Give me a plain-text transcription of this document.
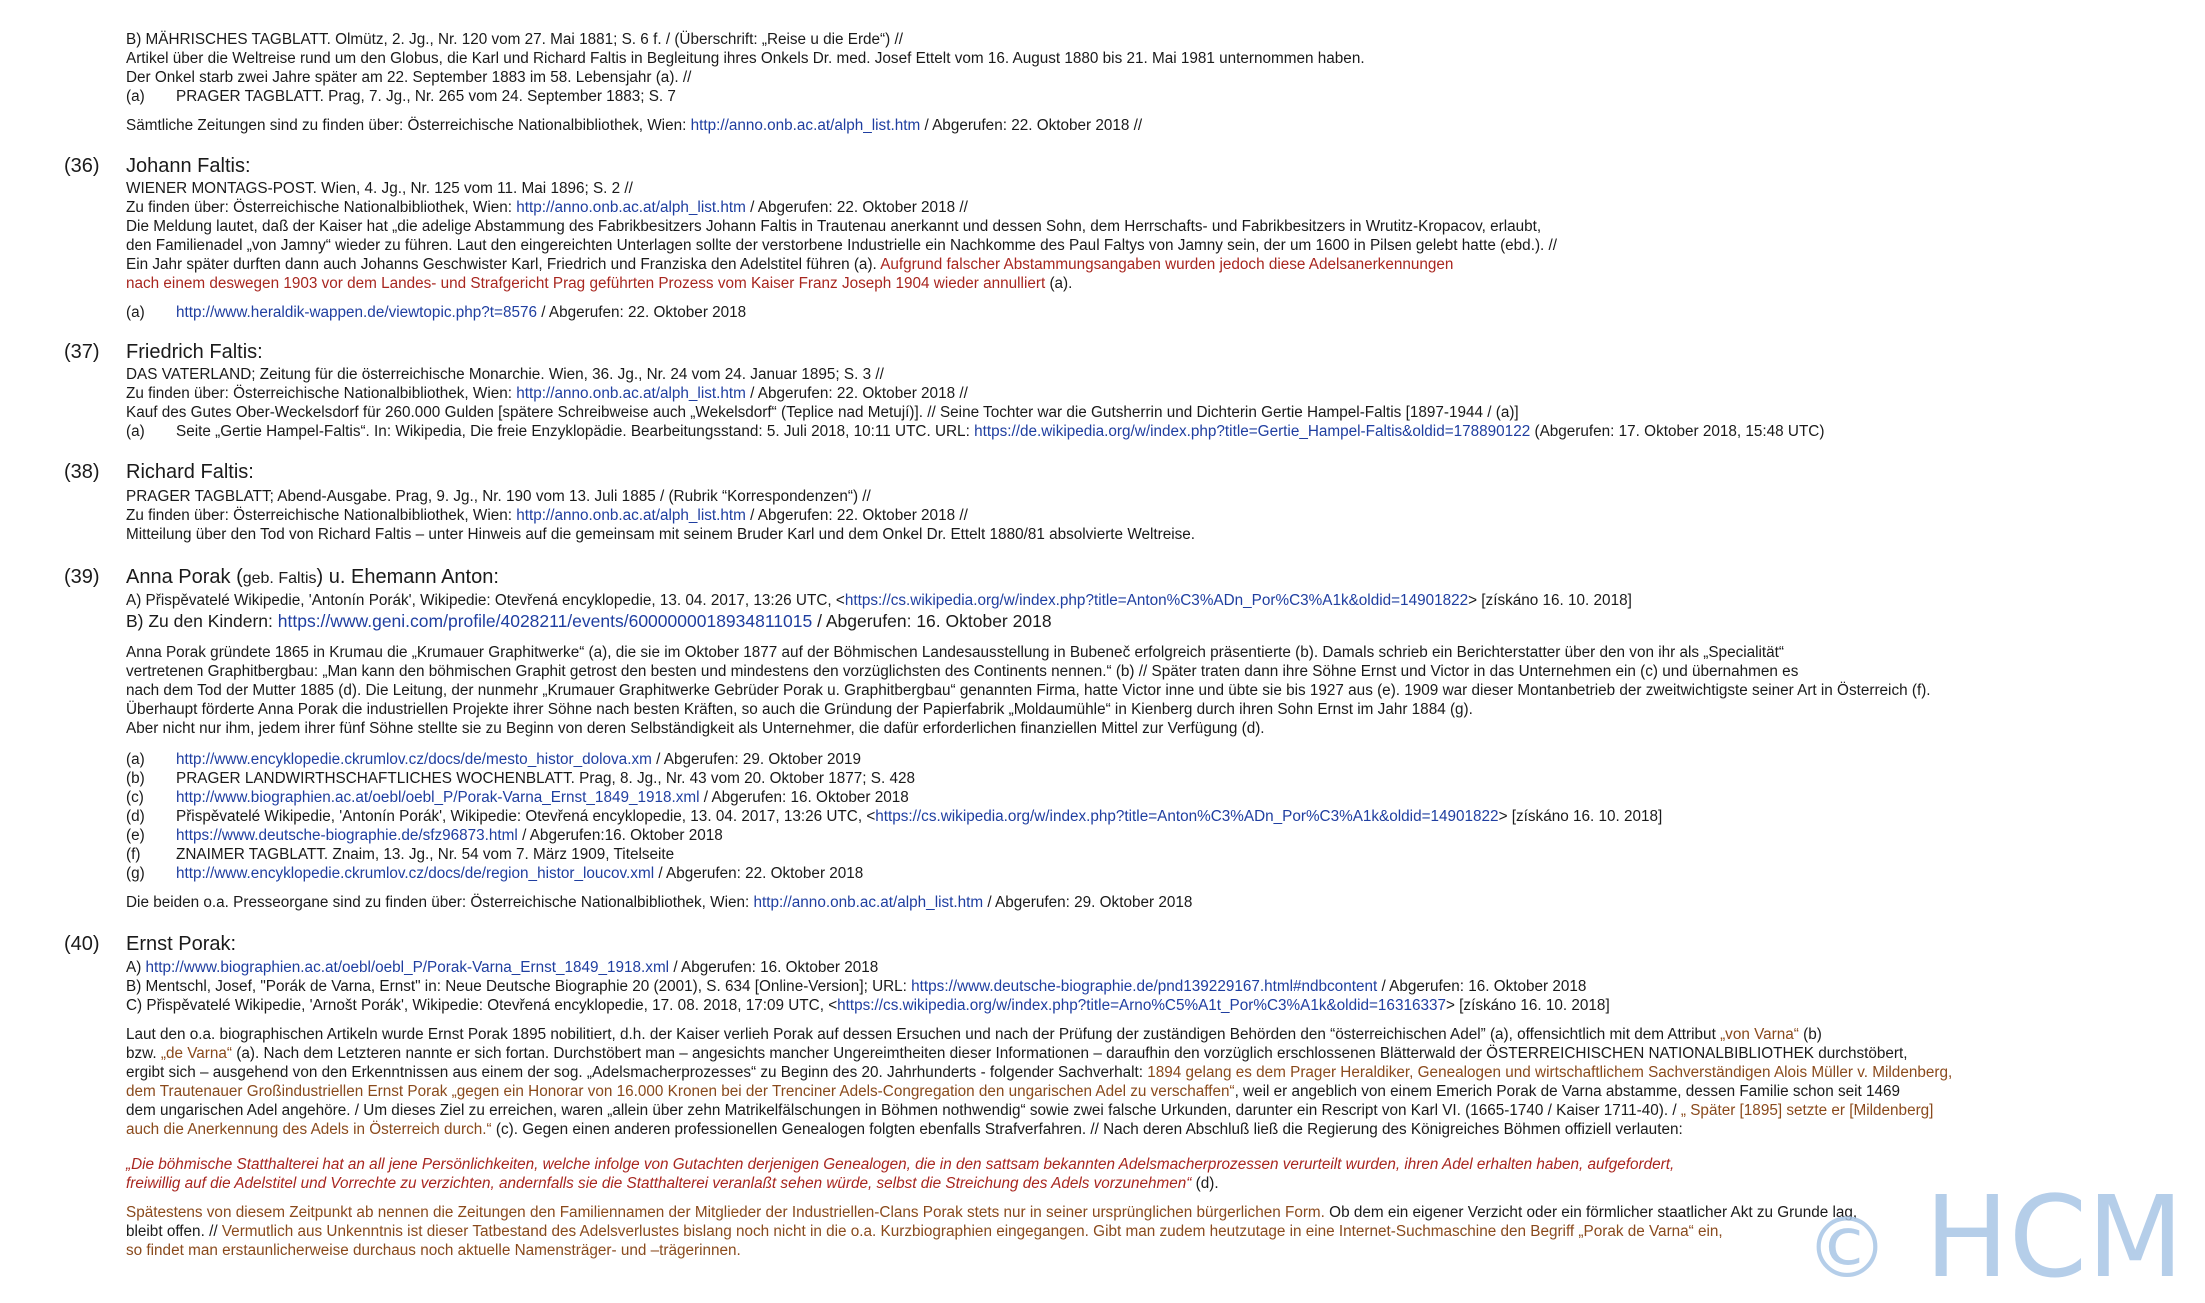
B) MÄHRISCHES TAGBLATT. Olmütz, 2. Jg., Nr. 120 vom 27. Mai 1881; S. 6 f. / (Überschrift: „Reise u die Erde“) //
Artikel über die Weltreise rund um den Globus, die Karl und Richard Faltis in Begleitung ihres Onkels Dr. med. Josef Ettelt vom 16. August 1880 bis 21. Mai 1981 unternommen haben.
Der Onkel starb zwei Jahre später am 22. September 1883 im 58. Lebensjahr (a). //
(a) PRAGER TAGBLATT. Prag, 7. Jg., Nr. 265 vom 24. September 1883; S. 7
Sämtliche Zeitungen sind zu finden über: Österreichische Nationalbibliothek, Wien: http://anno.onb.ac.at/alph_list.htm / Abgerufen: 22. Oktober 2018 //
(36) Johann Faltis:
WIENER MONTAGS-POST. Wien, 4. Jg., Nr. 125 vom 11. Mai 1896; S. 2 //
Zu finden über: Österreichische Nationalbibliothek, Wien: http://anno.onb.ac.at/alph_list.htm / Abgerufen: 22. Oktober 2018 //
Die Meldung lautet, daß der Kaiser hat „die adelige Abstammung des Fabrikbesitzers Johann Faltis in Trautenau anerkannt und dessen Sohn, dem Herrschafts- und Fabrikbesitzers in Wrutitz-Kropacov, erlaubt,
den Familienadel „von Jamny“ wieder zu führen. Laut den eingereichten Unterlagen sollte der verstorbene Industrielle ein Nachkomme des Paul Faltys von Jamny sein, der um 1600 in Pilsen gelebt hatte (ebd.). //
Ein Jahr später durften dann auch Johanns Geschwister Karl, Friedrich und Franziska den Adelstitel führen (a). Aufgrund falscher Abstammungsangaben wurden jedoch diese Adelsanerkennungen
nach einem deswegen 1903 vor dem Landes- und Strafgericht Prag geführten Prozess vom Kaiser Franz Joseph 1904 wieder annulliert (a).
(a) http://www.heraldik-wappen.de/viewtopic.php?t=8576 / Abgerufen: 22. Oktober 2018
(37) Friedrich Faltis:
DAS VATERLAND; Zeitung für die österreichische Monarchie. Wien, 36. Jg., Nr. 24 vom 24. Januar 1895; S. 3 //
Zu finden über: Österreichische Nationalbibliothek, Wien: http://anno.onb.ac.at/alph_list.htm / Abgerufen: 22. Oktober 2018 //
Kauf des Gutes Ober-Weckelsdorf für 260.000 Gulden [spätere Schreibweise auch „Wekelsdorf“ (Teplice nad Metují)]. // Seine Tochter war die Gutsherrin und Dichterin Gertie Hampel-Faltis [1897-1944 / (a)]
(a) Seite „Gertie Hampel-Faltis“. In: Wikipedia, Die freie Enzyklopädie. Bearbeitungsstand: 5. Juli 2018, 10:11 UTC. URL: https://de.wikipedia.org/w/index.php?title=Gertie_Hampel-Faltis&oldid=178890122 (Abgerufen: 17. Oktober 2018, 15:48 UTC)
(38) Richard Faltis:
PRAGER TAGBLATT; Abend-Ausgabe. Prag, 9. Jg., Nr. 190 vom 13. Juli 1885 / (Rubrik “Korrespondenzen“) //
Zu finden über: Österreichische Nationalbibliothek, Wien: http://anno.onb.ac.at/alph_list.htm / Abgerufen: 22. Oktober 2018 //
Mitteilung über den Tod von Richard Faltis – unter Hinweis auf die gemeinsam mit seinem Bruder Karl und dem Onkel Dr. Ettelt 1880/81 absolvierte Weltreise.
(39) Anna Porak (geb. Faltis) u. Ehemann Anton:
A) Přispěvatelé Wikipedie, 'Antonín Porák', Wikipedie: Otevřená encyklopedie, 13. 04. 2017, 13:26 UTC, <https://cs.wikipedia.org/w/index.php?title=Anton%C3%ADn_Por%C3%A1k&oldid=14901822> [získáno 16. 10. 2018]
B) Zu den Kindern: https://www.geni.com/profile/4028211/events/6000000018934811015 / Abgerufen: 16. Oktober 2018
Anna Porak gründete 1865 in Krumau die „Krumauer Graphitwerke“ (a), die sie im Oktober 1877 auf der Böhmischen Landesausstellung in Bubeneč erfolgreich präsentierte (b). Damals schrieb ein Berichterstatter über den von ihr als „Specialität“
vertretenen Graphitbergbau: „Man kann den böhmischen Graphit getrost den besten und mindestens den vorzüglichsten des Continents nennen.“ (b) // Später traten dann ihre Söhne Ernst und Victor in das Unternehmen ein (c) und übernahmen es
nach dem Tod der Mutter 1885 (d). Die Leitung, der nunmehr „Krumauer Graphitwerke Gebrüder Porak u. Graphitbergbau“ genannten Firma, hatte Victor inne und übte sie bis 1927 aus (e). 1909 war dieser Montanbetrieb der zweitwichtigste seiner Art in Österreich (f).
Überhaupt förderte Anna Porak die industriellen Projekte ihrer Söhne nach besten Kräften, so auch die Gründung der Papierfabrik „Moldaumühle“ in Kienberg durch ihren Sohn Ernst im Jahr 1884 (g).
Aber nicht nur ihm, jedem ihrer fünf Söhne stellte sie zu Beginn von deren Selbständigkeit als Unternehmer, die dafür erforderlichen finanziellen Mittel zur Verfügung (d).
(a) http://www.encyklopedie.ckrumlov.cz/docs/de/mesto_histor_dolova.xm / Abgerufen: 29. Oktober 2019
(b) PRAGER LANDWIRTHSCHAFTLICHES WOCHENBLATT. Prag, 8. Jg., Nr. 43 vom 20. Oktober 1877; S. 428
(c) http://www.biographien.ac.at/oebl/oebl_P/Porak-Varna_Ernst_1849_1918.xml / Abgerufen: 16. Oktober 2018
(d) Přispěvatelé Wikipedie, 'Antonín Porák', Wikipedie: Otevřená encyklopedie, 13. 04. 2017, 13:26 UTC, <https://cs.wikipedia.org/w/index.php?title=Anton%C3%ADn_Por%C3%A1k&oldid=14901822> [získáno 16. 10. 2018]
(e) https://www.deutsche-biographie.de/sfz96873.html / Abgerufen:16. Oktober 2018
(f) ZNAIMER TAGBLATT. Znaim, 13. Jg., Nr. 54 vom 7. März 1909, Titelseite
(g) http://www.encyklopedie.ckrumlov.cz/docs/de/region_histor_loucov.xml / Abgerufen: 22. Oktober 2018
Die beiden o.a. Presseorgane sind zu finden über: Österreichische Nationalbibliothek, Wien: http://anno.onb.ac.at/alph_list.htm / Abgerufen: 29. Oktober 2018
(40) Ernst Porak:
A) http://www.biographien.ac.at/oebl/oebl_P/Porak-Varna_Ernst_1849_1918.xml / Abgerufen: 16. Oktober 2018
B) Mentschl, Josef, "Porák de Varna, Ernst" in: Neue Deutsche Biographie 20 (2001), S. 634 [Online-Version]; URL: https://www.deutsche-biographie.de/pnd139229167.html#ndbcontent / Abgerufen: 16. Oktober 2018
C) Přispěvatelé Wikipedie, 'Arnošt Porák', Wikipedie: Otevřená encyklopedie, 17. 08. 2018, 17:09 UTC, <https://cs.wikipedia.org/w/index.php?title=Arno%C5%A1t_Por%C3%A1k&oldid=16316337> [získáno 16. 10. 2018]
Laut den o.a. biographischen Artikeln wurde Ernst Porak 1895 nobilitiert, d.h. der Kaiser verlieh Porak auf dessen Ersuchen und nach der Prüfung der zuständigen Behörden den “österreichischen Adel” (a), offensichtlich mit dem Attribut „von Varna“ (b)
bzw. „de Varna“ (a). Nach dem Letzteren nannte er sich fortan. Durchstöbert man – angesichts mancher Ungereimtheiten dieser Informationen – daraufhin den vorzüglich erschlossenen Blätterwald der ÖSTERREICHISCHEN NATIONALBIBLIOTHEK durchstöbert,
ergibt sich – ausgehend von den Erkenntnissen aus einem der sog. „Adelsmacherprozesses“ zu Beginn des 20. Jahrhunderts - folgender Sachverhalt: 1894 gelang es dem Prager Heraldiker, Genealogen und wirtschaftlichem Sachverständigen Alois Müller v. Mildenberg,
dem Trautenauer Großindustriellen Ernst Porak „gegen ein Honorar von 16.000 Kronen bei der Trenciner Adels-Congregation den ungarischen Adel zu verschaffen“, weil er angeblich von einem Emerich Porak de Varna abstamme, dessen Familie schon seit 1469
dem ungarischen Adel angehöre. / Um dieses Ziel zu erreichen, waren „allein über zehn Matrikelfälschungen in Böhmen nothwendig“ sowie zwei falsche Urkunden, darunter ein Rescript von Karl VI. (1665-1740 / Kaiser 1711-40). / „ Später [1895] setzte er [Mildenberg]
auch die Anerkennung des Adels in Österreich durch.“ (c). Gegen einen anderen professionellen Genealogen folgten ebenfalls Strafverfahren. // Nach deren Abschluß ließ die Regierung des Königreiches Böhmen offiziell verlauten:
„Die böhmische Statthalterei hat an all jene Persönlichkeiten, welche infolge von Gutachten derjenigen Genealogen, die in den sattsam bekannten Adelsmacherprozessen verurteilt wurden, ihren Adel erhalten haben, aufgefordert,
freiwillig auf die Adelstitel und Vorrechte zu verzichten, andernfalls sie die Statthalterei veranlaßt sehen würde, selbst die Streichung des Adels vorzunehmen“ (d).
Spätestens von diesem Zeitpunkt ab nennen die Zeitungen den Familiennamen der Mitglieder der Industriellen-Clans Porak stets nur in seiner ursprünglichen bürgerlichen Form. Ob dem ein eigener Verzicht oder ein förmlicher staatlicher Akt zu Grunde lag,
bleibt offen. // Vermutlich aus Unkenntnis ist dieser Tatbestand des Adelsverlustes bislang noch nicht in die o.a. Kurzbiographien eingegangen. Gibt man zudem heutzutage in eine Internet-Suchmaschine den Begriff „Porak de Varna“ ein,
so findet man erstaunlicherweise durchaus noch aktuelle Namensträger- und –trägerinnen.	© HCM
